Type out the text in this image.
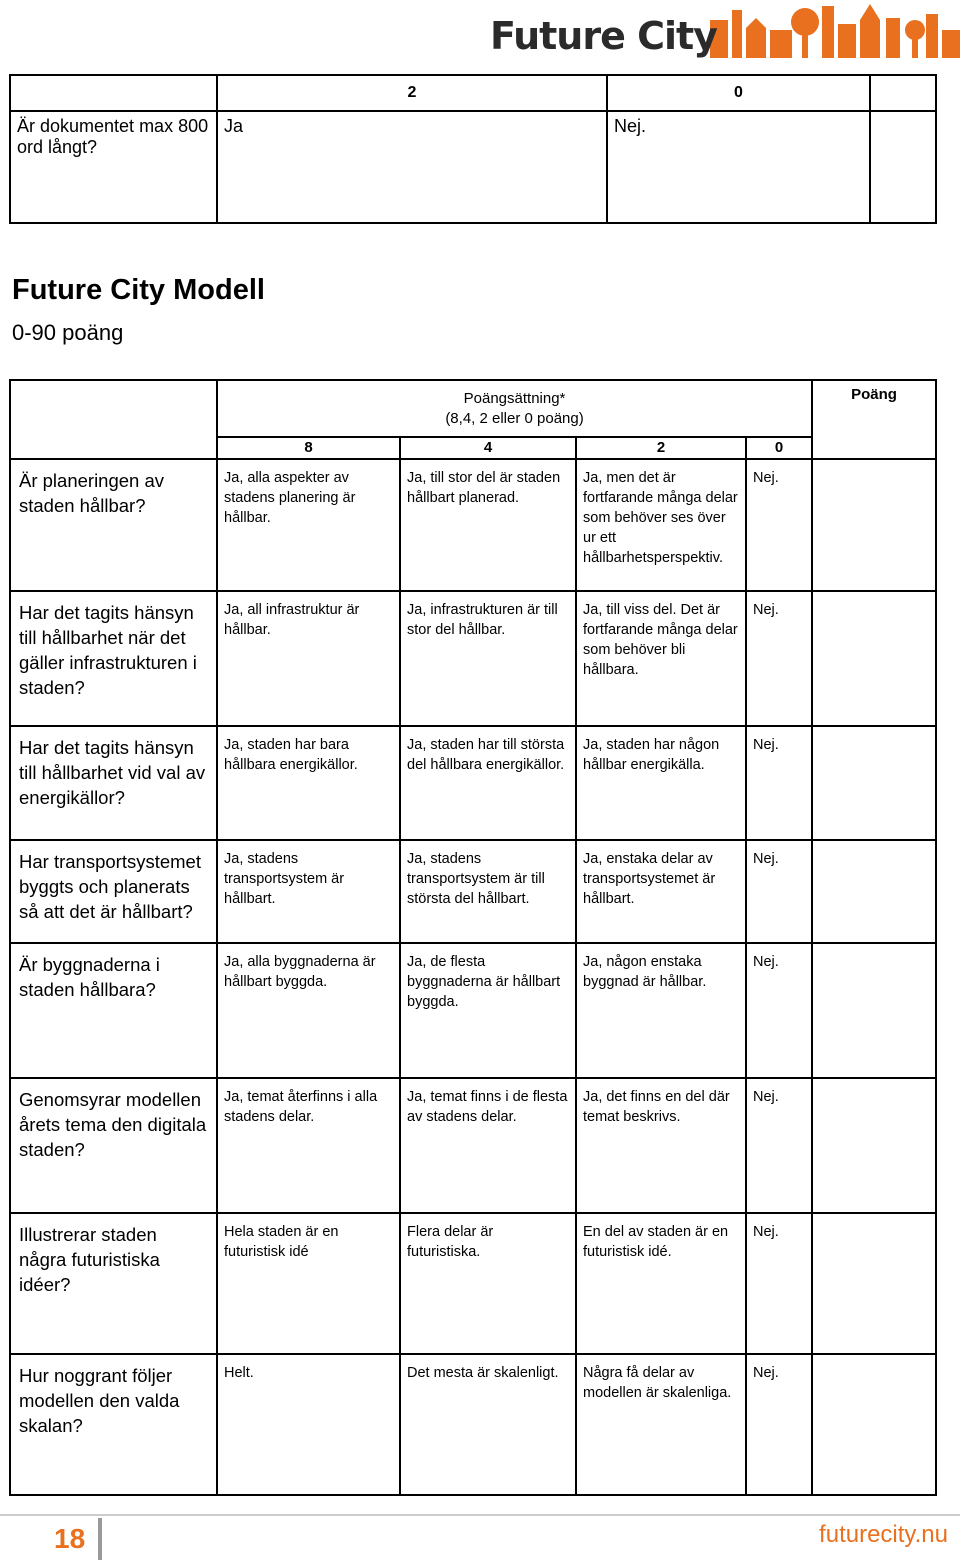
Future City
	2	0	
Är dokumentet max 800 ord långt?	Ja	Nej.	
Future City Modell
0-90 poäng

	Poängsättning*
(8,4, 2 eller 0 poäng)				Poäng
	8	4	2	0	
Är planeringen av staden hållbar?	Ja, alla aspekter av stadens planering är hållbar.	Ja, till stor del är staden hållbart planerad.	Ja, men det är fortfarande många delar som behöver ses över ur ett hållbarhetsperspektiv.	Nej.	
Har det tagits hänsyn till hållbarhet när det gäller infrastrukturen i staden?	Ja, all infrastruktur är hållbar.	Ja, infrastrukturen är till stor del hållbar.	Ja, till viss del. Det är fortfarande många delar som behöver bli hållbara.	Nej.	
Har det tagits hänsyn till hållbarhet vid val av energikällor?	Ja, staden har bara hållbara energikällor.	Ja, staden har till största del hållbara energikällor.	Ja, staden har någon hållbar energikälla.	Nej.	
Har transportsystemet byggts och planerats så att det är hållbart?	Ja, stadens transportsystem är hållbart.	Ja, stadens transportsystem är till största del hållbart.	Ja, enstaka delar av transportsystemet är hållbart.	Nej.	
Är byggnaderna i staden hållbara?	Ja, alla byggnaderna är hållbart byggda.	Ja, de flesta byggnaderna är hållbart byggda.	Ja, någon enstaka byggnad är hållbar.	Nej.	
Genomsyrar modellen årets tema den digitala staden?	Ja, temat återfinns i alla stadens delar.	Ja, temat finns i de flesta av stadens delar.	Ja, det finns en del där temat beskrivs.	Nej.	
Illustrerar staden några futuristiska idéer?	Hela staden är en futuristisk idé	Flera delar är futuristiska.	En del av staden är en futuristisk idé.	Nej.	
Hur noggrant följer modellen den valda skalan?	Helt.	Det mesta är skalenligt.	Några få delar av modellen är skalenliga.	Nej.	
18	futurecity.nu
